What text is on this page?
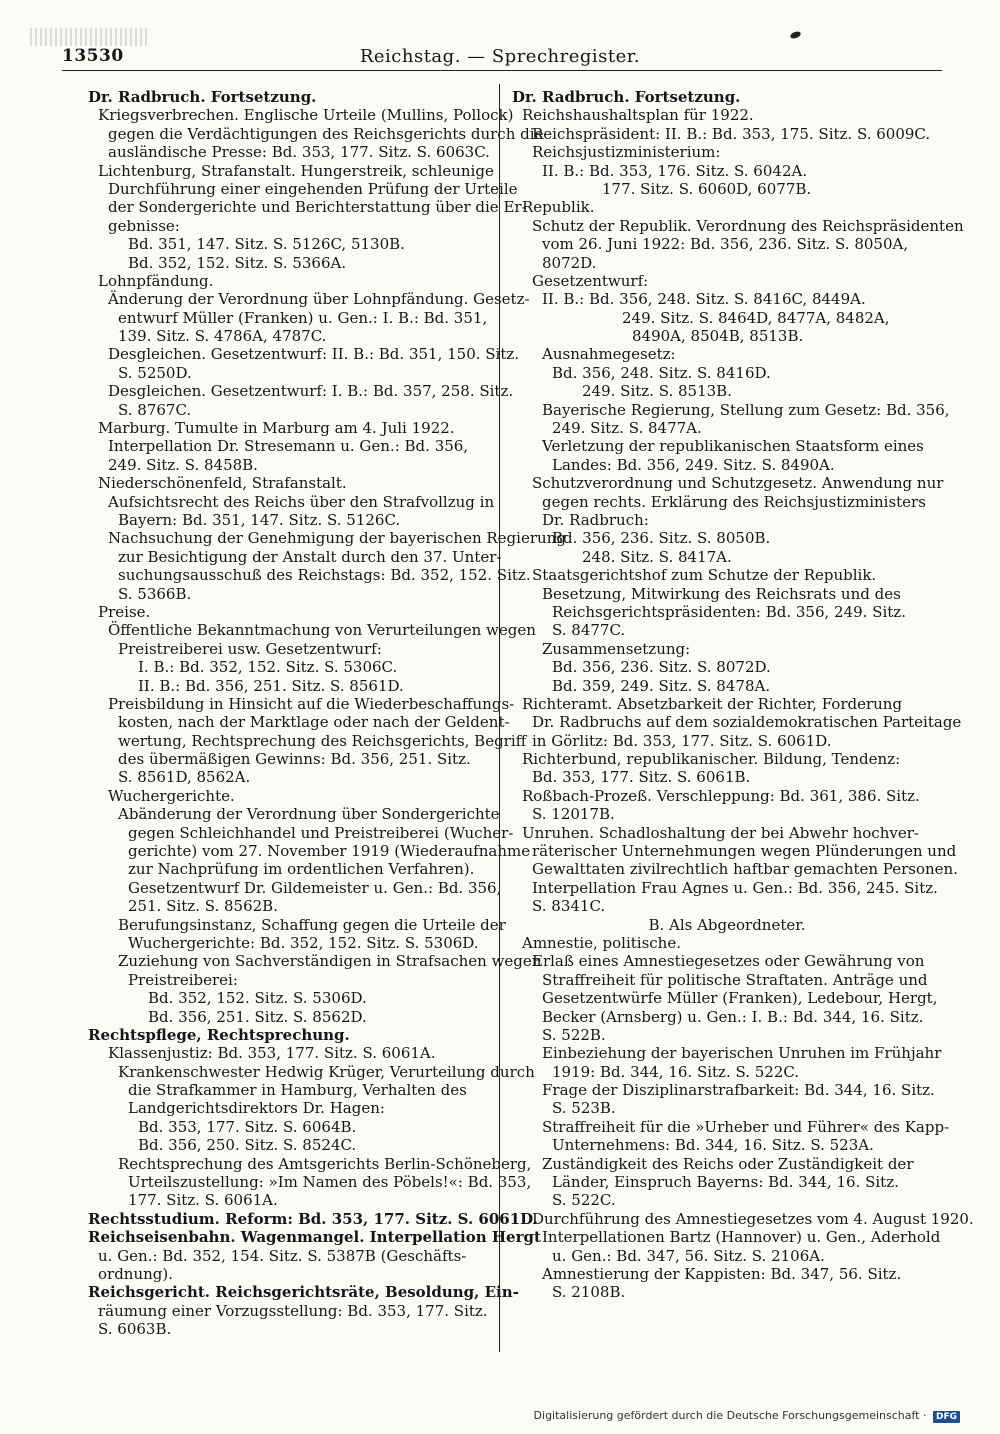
13530	Reichstag. — Sprechregister.
Dr. Radbruch. Fortsetzung.
Kriegsverbrechen. Englische Urteile (Mullins, Pollock)
gegen die Verdächtigungen des Reichsgerichts durch die
ausländische Presse: Bd. 353, 177. Sitz. S. 6063C.
Lichtenburg, Strafanstalt. Hungerstreik, schleunige
Durchführung einer eingehenden Prüfung der Urteile
der Sondergerichte und Berichterstattung über die Er-
gebnisse:
Bd. 351, 147. Sitz. S. 5126C, 5130B.
Bd. 352, 152. Sitz. S. 5366A.
Lohnpfändung.
Änderung der Verordnung über Lohnpfändung. Gesetz-
entwurf Müller (Franken) u. Gen.: I. B.: Bd. 351,
139. Sitz. S. 4786A, 4787C.
Desgleichen. Gesetzentwurf: II. B.: Bd. 351, 150. Sitz.
S. 5250D.
Desgleichen. Gesetzentwurf: I. B.: Bd. 357, 258. Sitz.
S. 8767C.
Marburg. Tumulte in Marburg am 4. Juli 1922.
Interpellation Dr. Stresemann u. Gen.: Bd. 356,
249. Sitz. S. 8458B.
Niederschönenfeld, Strafanstalt.
Aufsichtsrecht des Reichs über den Strafvollzug in
Bayern: Bd. 351, 147. Sitz. S. 5126C.
Nachsuchung der Genehmigung der bayerischen Regierung
zur Besichtigung der Anstalt durch den 37. Unter-
suchungsausschuß des Reichstags: Bd. 352, 152. Sitz.
S. 5366B.
Preise.
Öffentliche Bekanntmachung von Verurteilungen wegen
Preistreiberei usw. Gesetzentwurf:
I. B.: Bd. 352, 152. Sitz. S. 5306C.
II. B.: Bd. 356, 251. Sitz. S. 8561D.
Preisbildung in Hinsicht auf die Wiederbeschaffungs-
kosten, nach der Marktlage oder nach der Geldent-
wertung, Rechtsprechung des Reichsgerichts, Begriff
des übermäßigen Gewinns: Bd. 356, 251. Sitz.
S. 8561D, 8562A.
Wuchergerichte.
Abänderung der Verordnung über Sondergerichte
gegen Schleichhandel und Preistreiberei (Wucher-
gerichte) vom 27. November 1919 (Wiederaufnahme
zur Nachprüfung im ordentlichen Verfahren).
Gesetzentwurf Dr. Gildemeister u. Gen.: Bd. 356,
251. Sitz. S. 8562B.
Berufungsinstanz, Schaffung gegen die Urteile der
Wuchergerichte: Bd. 352, 152. Sitz. S. 5306D.
Zuziehung von Sachverständigen in Strafsachen wegen
Preistreiberei:
Bd. 352, 152. Sitz. S. 5306D.
Bd. 356, 251. Sitz. S. 8562D.
Rechtspflege, Rechtsprechung.
Klassenjustiz: Bd. 353, 177. Sitz. S. 6061A.
Krankenschwester Hedwig Krüger, Verurteilung durch
die Strafkammer in Hamburg, Verhalten des
Landgerichtsdirektors Dr. Hagen:
Bd. 353, 177. Sitz. S. 6064B.
Bd. 356, 250. Sitz. S. 8524C.
Rechtsprechung des Amtsgerichts Berlin-Schöneberg,
Urteilszustellung: »Im Namen des Pöbels!«: Bd. 353,
177. Sitz. S. 6061A.
Rechtsstudium. Reform: Bd. 353, 177. Sitz. S. 6061D.
Reichseisenbahn. Wagenmangel. Interpellation Hergt
u. Gen.: Bd. 352, 154. Sitz. S. 5387B (Geschäfts-
ordnung).
Reichsgericht. Reichsgerichtsräte, Besoldung, Ein-
räumung einer Vorzugsstellung: Bd. 353, 177. Sitz.
S. 6063B.
Dr. Radbruch. Fortsetzung.
Reichshaushaltsplan für 1922.
Reichspräsident: II. B.: Bd. 353, 175. Sitz. S. 6009C.
Reichsjustizministerium:
II. B.: Bd. 353, 176. Sitz. S. 6042A.
177. Sitz. S. 6060D, 6077B.
Republik.
Schutz der Republik. Verordnung des Reichspräsidenten
vom 26. Juni 1922: Bd. 356, 236. Sitz. S. 8050A,
8072D.
Gesetzentwurf:
II. B.: Bd. 356, 248. Sitz. S. 8416C, 8449A.
249. Sitz. S. 8464D, 8477A, 8482A,
8490A, 8504B, 8513B.
Ausnahmegesetz:
Bd. 356, 248. Sitz. S. 8416D.
249. Sitz. S. 8513B.
Bayerische Regierung, Stellung zum Gesetz: Bd. 356,
249. Sitz. S. 8477A.
Verletzung der republikanischen Staatsform eines
Landes: Bd. 356, 249. Sitz. S. 8490A.
Schutzverordnung und Schutzgesetz. Anwendung nur
gegen rechts. Erklärung des Reichsjustizministers
Dr. Radbruch:
Bd. 356, 236. Sitz. S. 8050B.
248. Sitz. S. 8417A.
Staatsgerichtshof zum Schutze der Republik.
Besetzung, Mitwirkung des Reichsrats und des
Reichsgerichtspräsidenten: Bd. 356, 249. Sitz.
S. 8477C.
Zusammensetzung:
Bd. 356, 236. Sitz. S. 8072D.
Bd. 359, 249. Sitz. S. 8478A.
Richteramt. Absetzbarkeit der Richter, Forderung
Dr. Radbruchs auf dem sozialdemokratischen Parteitage
in Görlitz: Bd. 353, 177. Sitz. S. 6061D.
Richterbund, republikanischer. Bildung, Tendenz:
Bd. 353, 177. Sitz. S. 6061B.
Roßbach-Prozeß. Verschleppung: Bd. 361, 386. Sitz.
S. 12017B.
Unruhen. Schadloshaltung der bei Abwehr hochver-
räterischer Unternehmungen wegen Plünderungen und
Gewalttaten zivilrechtlich haftbar gemachten Personen.
Interpellation Frau Agnes u. Gen.: Bd. 356, 245. Sitz.
S. 8341C.
B. Als Abgeordneter.
Amnestie, politische.
Erlaß eines Amnestiegesetzes oder Gewährung von
Straffreiheit für politische Straftaten. Anträge und
Gesetzentwürfe Müller (Franken), Ledebour, Hergt,
Becker (Arnsberg) u. Gen.: I. B.: Bd. 344, 16. Sitz.
S. 522B.
Einbeziehung der bayerischen Unruhen im Frühjahr
1919: Bd. 344, 16. Sitz. S. 522C.
Frage der Disziplinarstrafbarkeit: Bd. 344, 16. Sitz.
S. 523B.
Straffreiheit für die »Urheber und Führer« des Kapp-
Unternehmens: Bd. 344, 16. Sitz. S. 523A.
Zuständigkeit des Reichs oder Zuständigkeit der
Länder, Einspruch Bayerns: Bd. 344, 16. Sitz.
S. 522C.
Durchführung des Amnestiegesetzes vom 4. August 1920.
Interpellationen Bartz (Hannover) u. Gen., Aderhold
u. Gen.: Bd. 347, 56. Sitz. S. 2106A.
Amnestierung der Kappisten: Bd. 347, 56. Sitz.
S. 2108B.
Digitalisierung gefördert durch die Deutsche Forschungsgemeinschaft · DFG
